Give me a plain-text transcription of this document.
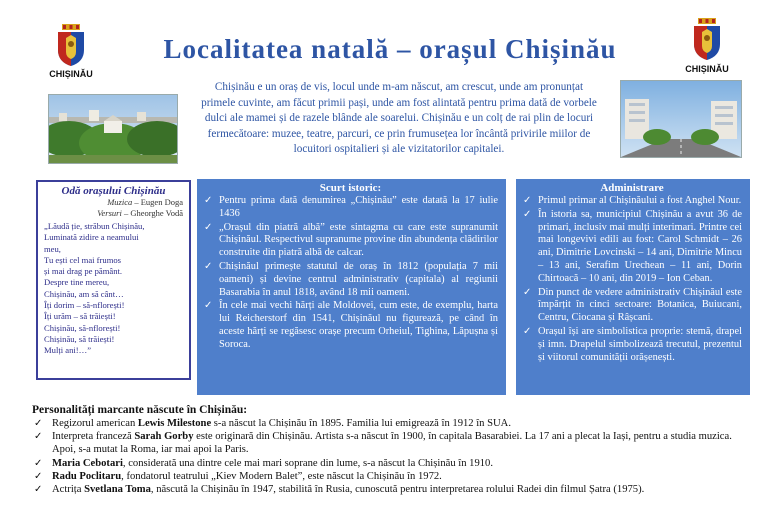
Localitatea natală – orașul Chișinău
CHIȘINĂU	CHIȘINĂU
Chișinău e un oraș de vis, locul unde m-am născut, am crescut, unde am pronunțat primele cuvinte, am făcut primii pași, unde am fost alintată pentru prima dată de vorbele dulci ale mamei și de razele blânde ale soarelui. Chișinău e un colț de rai plin de locuri fermecătoare: muzee, teatre, parcuri, ce prin frumusețea lor încântă privirile miilor de locuitori ospitalieri și ale vizitatorilor capitalei.
Odă orașului Chișinău
Muzica – Eugen Doga
Versuri – Gheorghe Vodă
„Lăudă ție, străbun Chișinău,
Luminată zidire a neamului
meu,
Tu ești cel mai frumos
și mai drag pe pământ.
Despre tine mereu,
Chișinău, am să cânt…
Îți dorim – să-nflorești!
Îți urăm – să trăiești!
Chișinău, să-nflorești!
Chișinău, să trăiești!
Mulți ani!…”
Scurt istoric:
✓ Pentru prima dată denumirea „Chișinău” este datată la 17 iulie 1436
✓ „Orașul din piatră albă” este sintagma cu care este supranumit Chișinăul. Respectivul supranume provine din abundența clădirilor construite din piatră albă de calcar.
✓ Chișinăul primește statutul de oraș în 1812 (populația 7 mii oameni) și devine centrul administrativ (capitala) al regiunii Basarabia în anul 1818, având 18 mii oameni.
✓ În cele mai vechi hărți ale Moldovei, cum este, de exemplu, harta lui Reicherstorf din 1541, Chișinăul nu figurează, pe când în aceste hărți se regăsesc orașe precum Orheiul, Tighina, Lăpușna și Soroca.
Administrare
✓ Primul primar al Chișinăului a fost Anghel Nour.
✓ În istoria sa, municipiul Chișinău a avut 36 de primari, inclusiv mai mulți interimari. Printre cei mai longevivi edili au fost: Carol Schmidt – 26 ani, Dimitrie Lovcinski – 14 ani, Dimitrie Mincu – 13 ani, Serafim Urechean – 11 ani, Dorin Chirtoacă – 10 ani, din 2019 – Ion Ceban.
✓ Din punct de vedere administrativ Chișinăul este împărțit în cinci sectoare: Botanica, Buiucani, Centru, Ciocana și Râșcani.
✓ Orașul își are simbolistica proprie: stemă, drapel și imn. Drapelul simbolizează trecutul, prezentul și viitorul comunității orășenești.
Personalități marcante născute în Chișinău:
✓ Regizorul american Lewis Milestone s-a născut la Chișinău în 1895. Familia lui emigrează în 1912 în SUA.
✓ Interpreta franceză Sarah Gorby este originară din Chișinău. Artista s-a născut în 1900, în capitala Basarabiei. La 17 ani a plecat la Iași, pentru a studia muzica. Apoi, s-a mutat la Roma, iar mai apoi la Paris.
✓ Maria Cebotari, considerată una dintre cele mai mari soprane din lume, s-a născut la Chișinău în 1910.
✓ Radu Poclitaru, fondatorul teatrului „Kiev Modern Balet”, este născut la Chișinău în 1972.
✓ Actrița Svetlana Toma, născută la Chișinău în 1947, stabilită în Rusia, cunoscută pentru interpretarea rolului Radei din filmul Șatra (1975).
